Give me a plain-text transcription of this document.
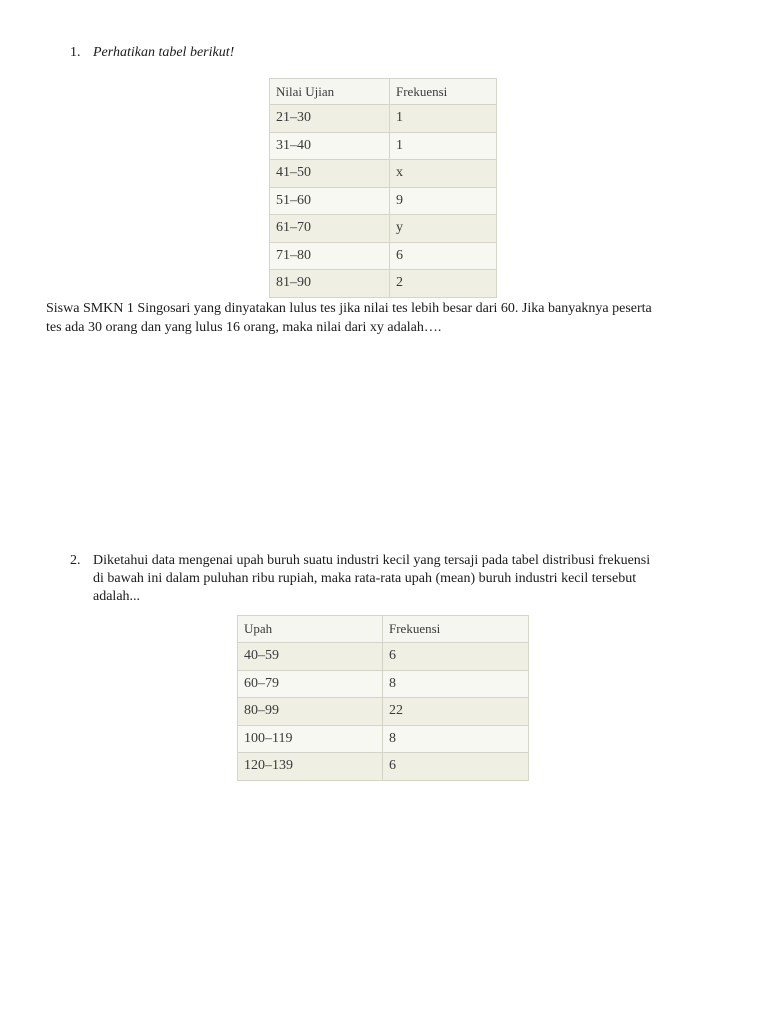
1. Perhatikan tabel berikut!
Nilai Ujian	Frekuensi
21–30	1
31–40	1
41–50	x
51–60	9
61–70	y
71–80	6
81–90	2
Siswa SMKN 1 Singosari yang dinyatakan lulus tes jika nilai tes lebih besar dari 60. Jika banyaknya peserta
tes ada 30 orang dan yang lulus 16 orang, maka nilai dari xy adalah….
2. Diketahui data mengenai upah buruh suatu industri kecil yang tersaji pada tabel distribusi frekuensi
di bawah ini dalam puluhan ribu rupiah, maka rata-rata upah (mean) buruh industri kecil tersebut
adalah...
Upah	Frekuensi
40–59	6
60–79	8
80–99	22
100–119	8
120–139	6
